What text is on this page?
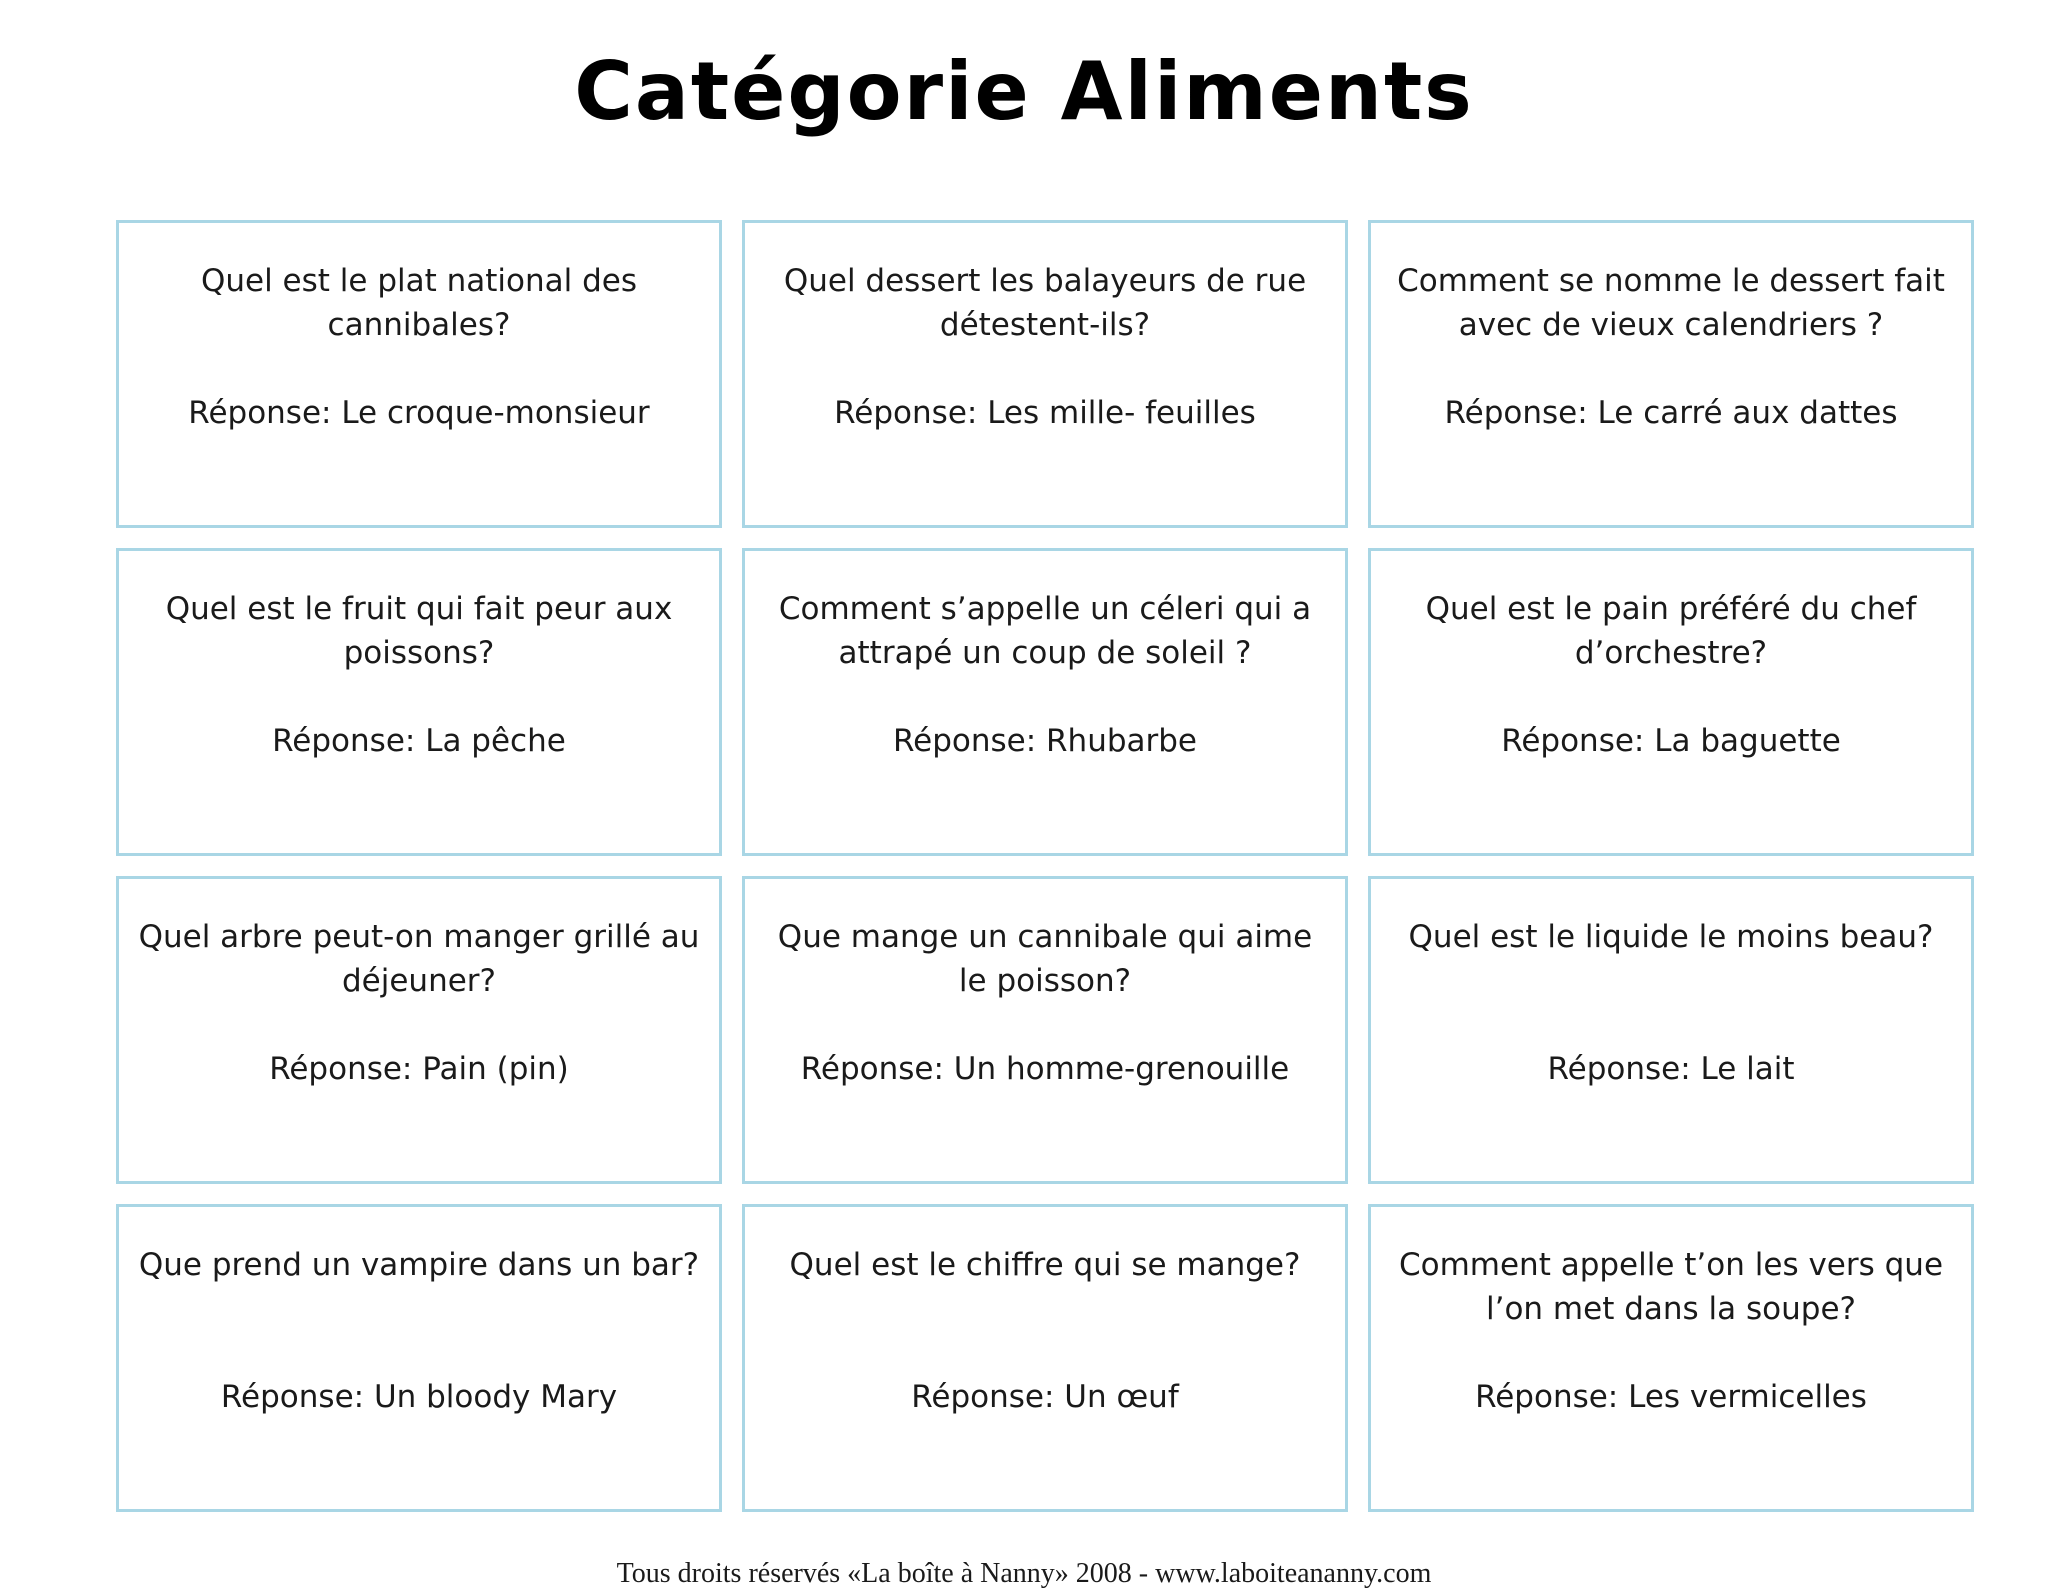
Catégorie Aliments
Quel est le plat national des cannibales?
Réponse: Le croque-monsieur
Quel dessert les balayeurs de rue détestent-ils?
Réponse: Les mille- feuilles
Comment se nomme le dessert fait avec de vieux calendriers ?
Réponse: Le carré aux dattes
Quel est le fruit qui fait peur aux poissons?
Réponse: La pêche
Comment s’appelle un céleri qui a attrapé un coup de soleil ?
Réponse: Rhubarbe
Quel est le pain préféré du chef d’orchestre?
Réponse: La baguette
Quel arbre peut-on manger grillé au déjeuner?
Réponse: Pain (pin)
Que mange un cannibale qui aime le poisson?
Réponse: Un homme-grenouille
Quel est le liquide le moins beau?
Réponse: Le lait
Que prend un vampire dans un bar?
Réponse: Un bloody Mary
Quel est le chiffre qui se mange?
Réponse: Un œuf
Comment appelle t’on les vers que l’on met dans la soupe?
Réponse: Les vermicelles
Tous droits réservés «La boîte à Nanny» 2008 - www.laboiteananny.com
